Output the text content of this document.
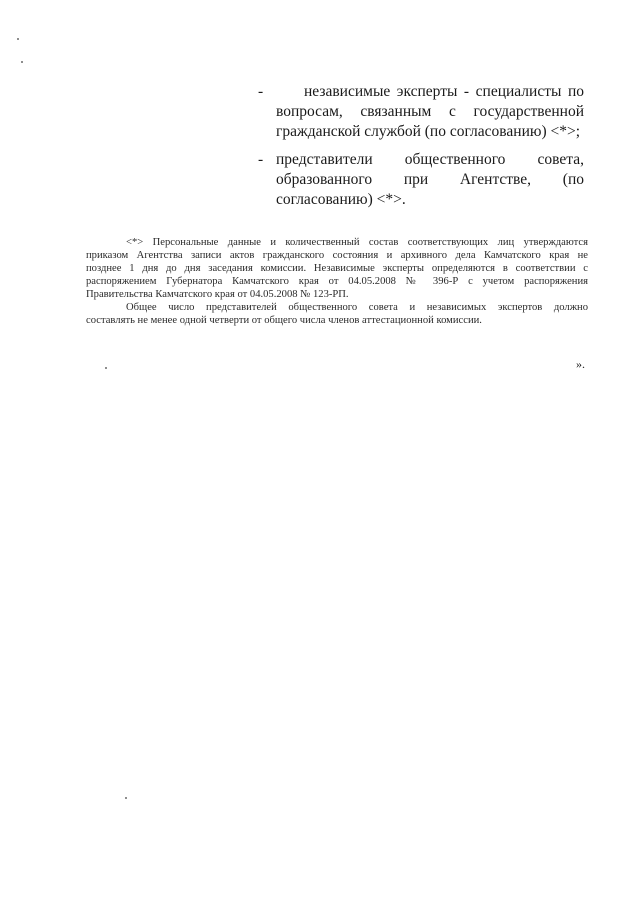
-	независимые эксперты - специалисты по
вопросам, связанным с государственной
гражданской службой (по согласованию) <*>;
- представители общественного совета,
образованного при Агентстве, (по
согласованию) <*>.
<*> Персональные данные и количественный состав соответствующих лиц утверждаются
приказом Агентства записи актов гражданского состояния и архивного дела Камчатского края не
позднее 1 дня до дня заседания комиссии. Независимые эксперты определяются в соответствии с
распоряжением Губернатора Камчатского края от 04.05.2008 № 396-Р с учетом распоряжения
Правительства Камчатского края от 04.05.2008 № 123-РП.
Общее число представителей общественного совета и независимых экспертов должно
составлять не менее одной четверти от общего числа членов аттестационной комиссии.
».
